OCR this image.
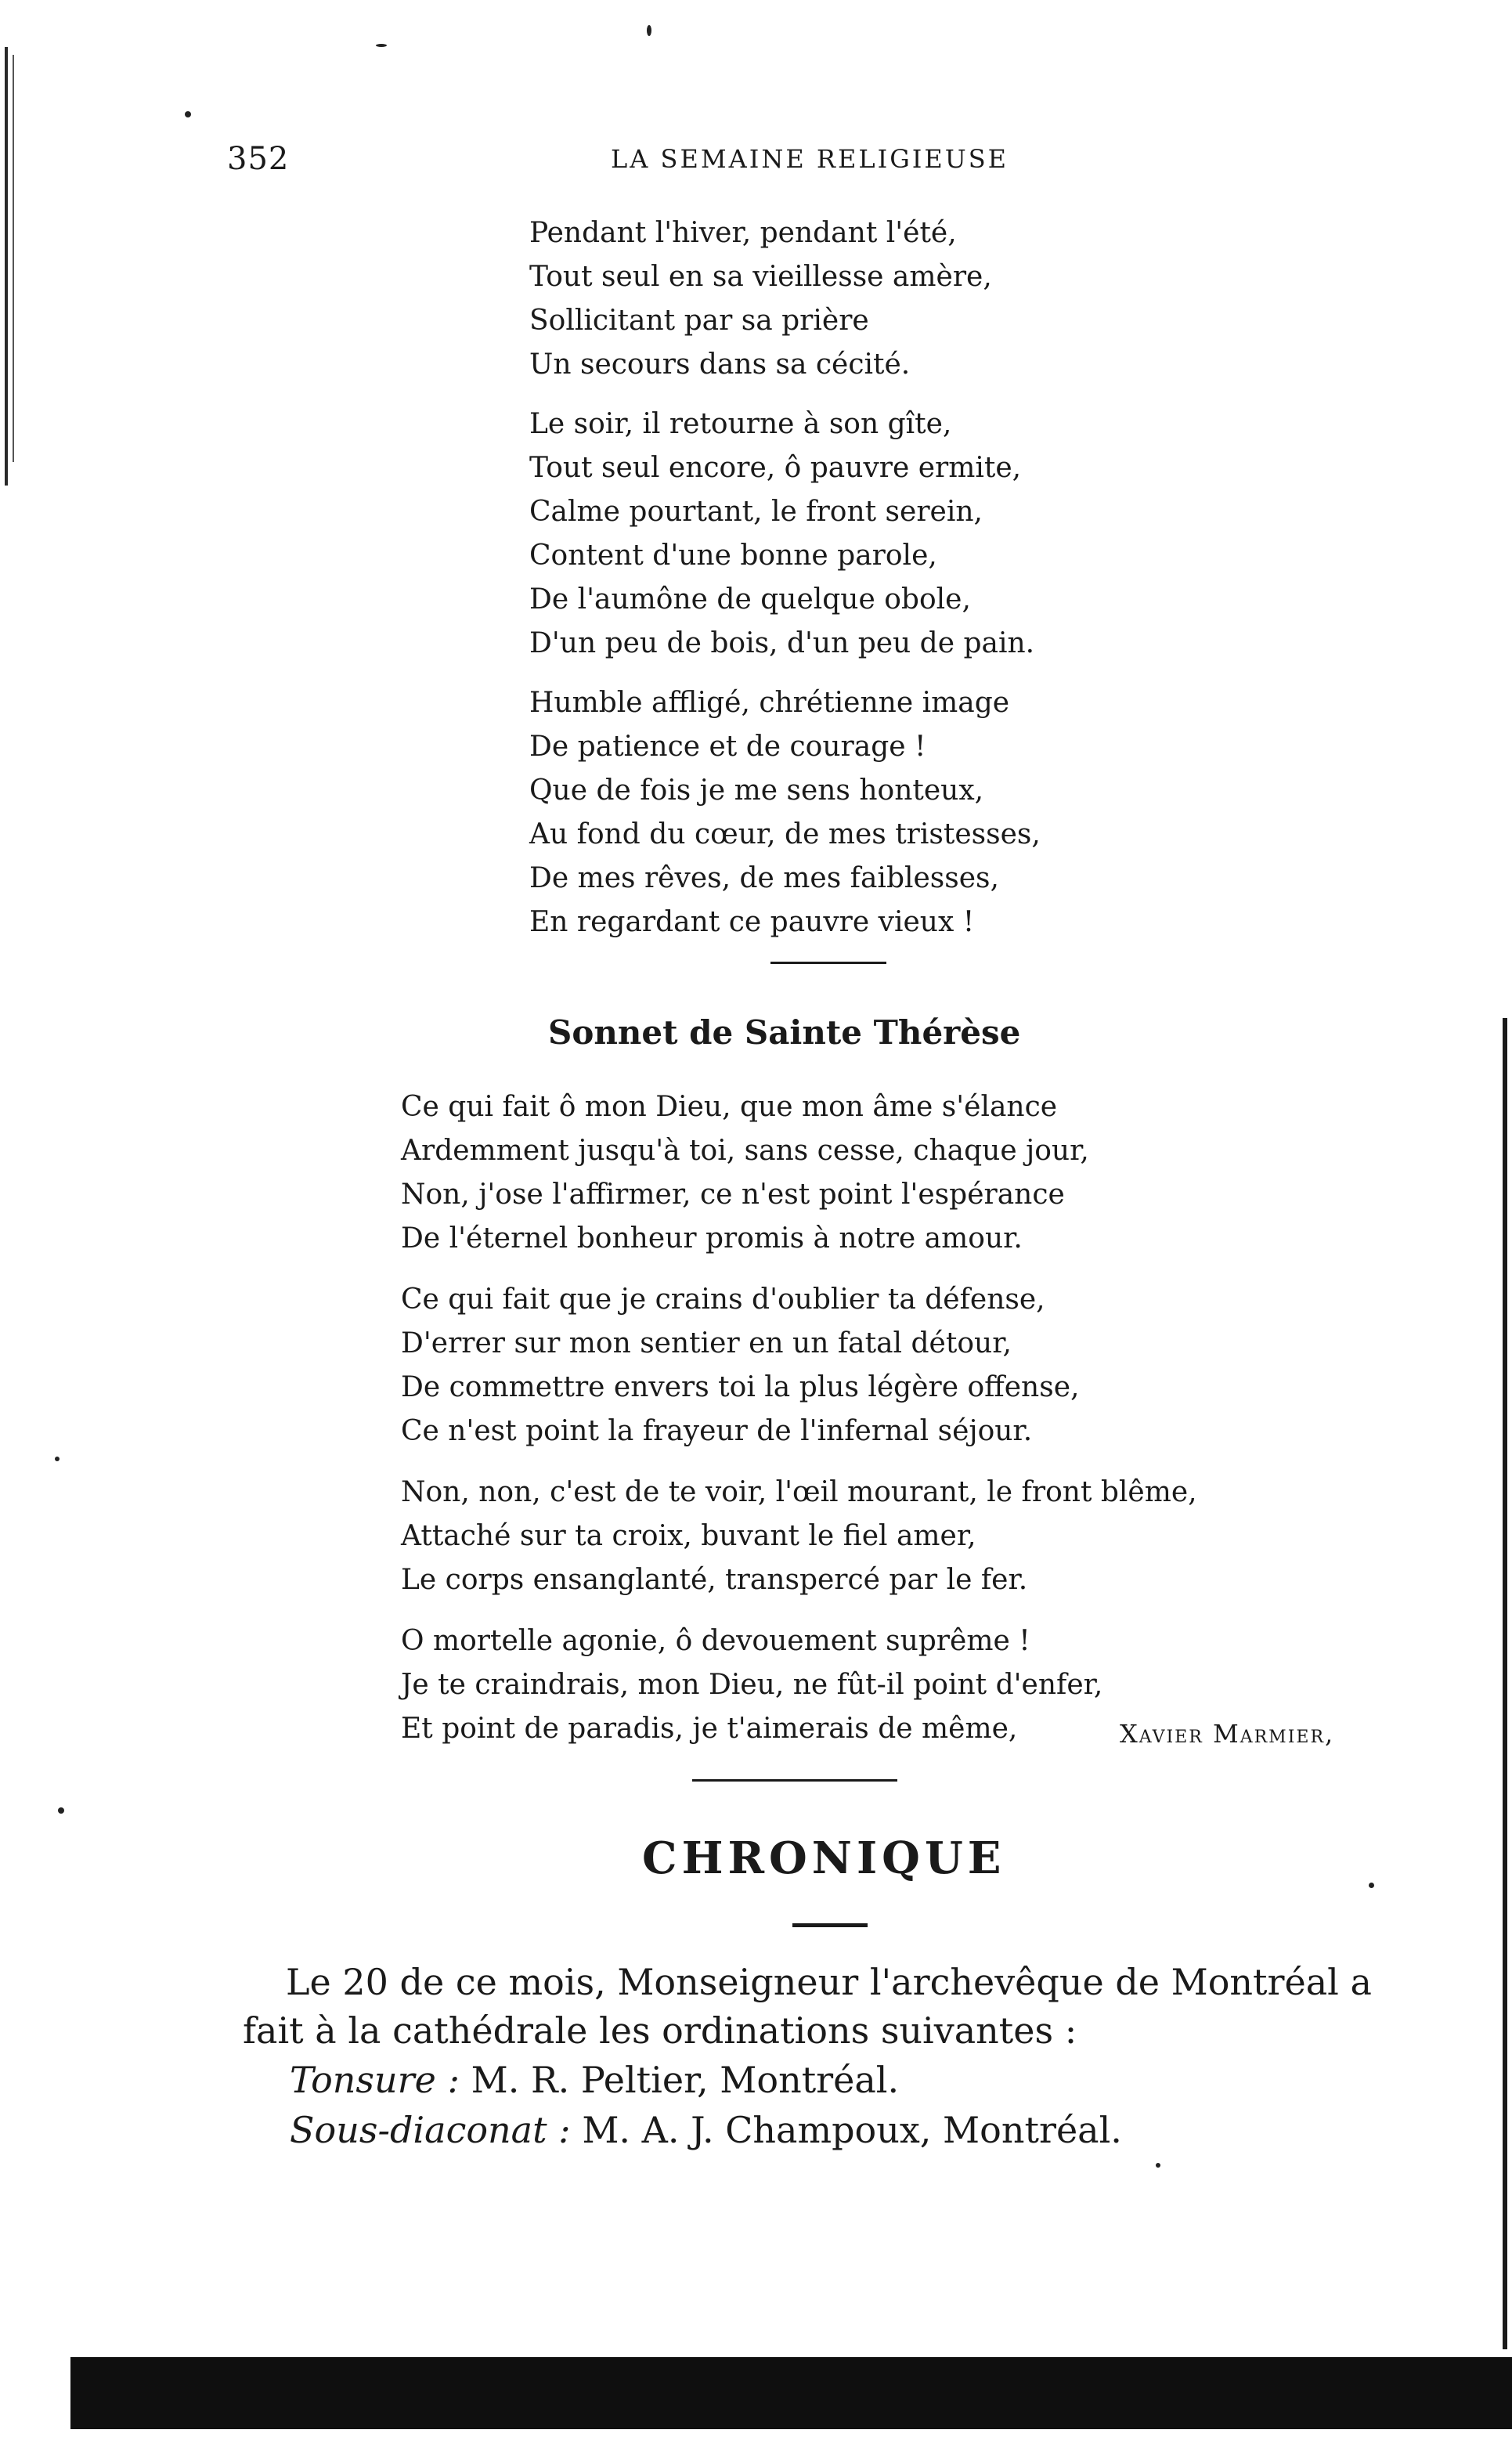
352	LA SEMAINE RELIGIEUSE
Pendant l'hiver, pendant l'été,
Tout seul en sa vieillesse amère,
Sollicitant par sa prière
Un secours dans sa cécité.
Le soir, il retourne à son gîte,
Tout seul encore, ô pauvre ermite,
Calme pourtant, le front serein,
Content d'une bonne parole,
De l'aumône de quelque obole,
D'un peu de bois, d'un peu de pain.
Humble affligé, chrétienne image
De patience et de courage !
Que de fois je me sens honteux,
Au fond du cœur, de mes tristesses,
De mes rêves, de mes faiblesses,
En regardant ce pauvre vieux !
Sonnet de Sainte Thérèse
Ce qui fait ô mon Dieu, que mon âme s'élance
Ardemment jusqu'à toi, sans cesse, chaque jour,
Non, j'ose l'affirmer, ce n'est point l'espérance
De l'éternel bonheur promis à notre amour.
Ce qui fait que je crains d'oublier ta défense,
D'errer sur mon sentier en un fatal détour,
De commettre envers toi la plus légère offense,
Ce n'est point la frayeur de l'infernal séjour.
Non, non, c'est de te voir, l'œil mourant, le front blême,
Attaché sur ta croix, buvant le fiel amer,
Le corps ensanglanté, transpercé par le fer.
O mortelle agonie, ô devouement suprême !
Je te craindrais, mon Dieu, ne fût-il point d'enfer,
Et point de paradis, je t'aimerais de même,	Xavier Marmier,
CHRONIQUE

Le 20 de ce mois, Monseigneur l'archevêque de Montréal a

fait à la cathédrale les ordinations suivantes :

Tonsure : M. R. Peltier, Montréal.
Sous-diaconat : M. A. J. Champoux, Montréal.
